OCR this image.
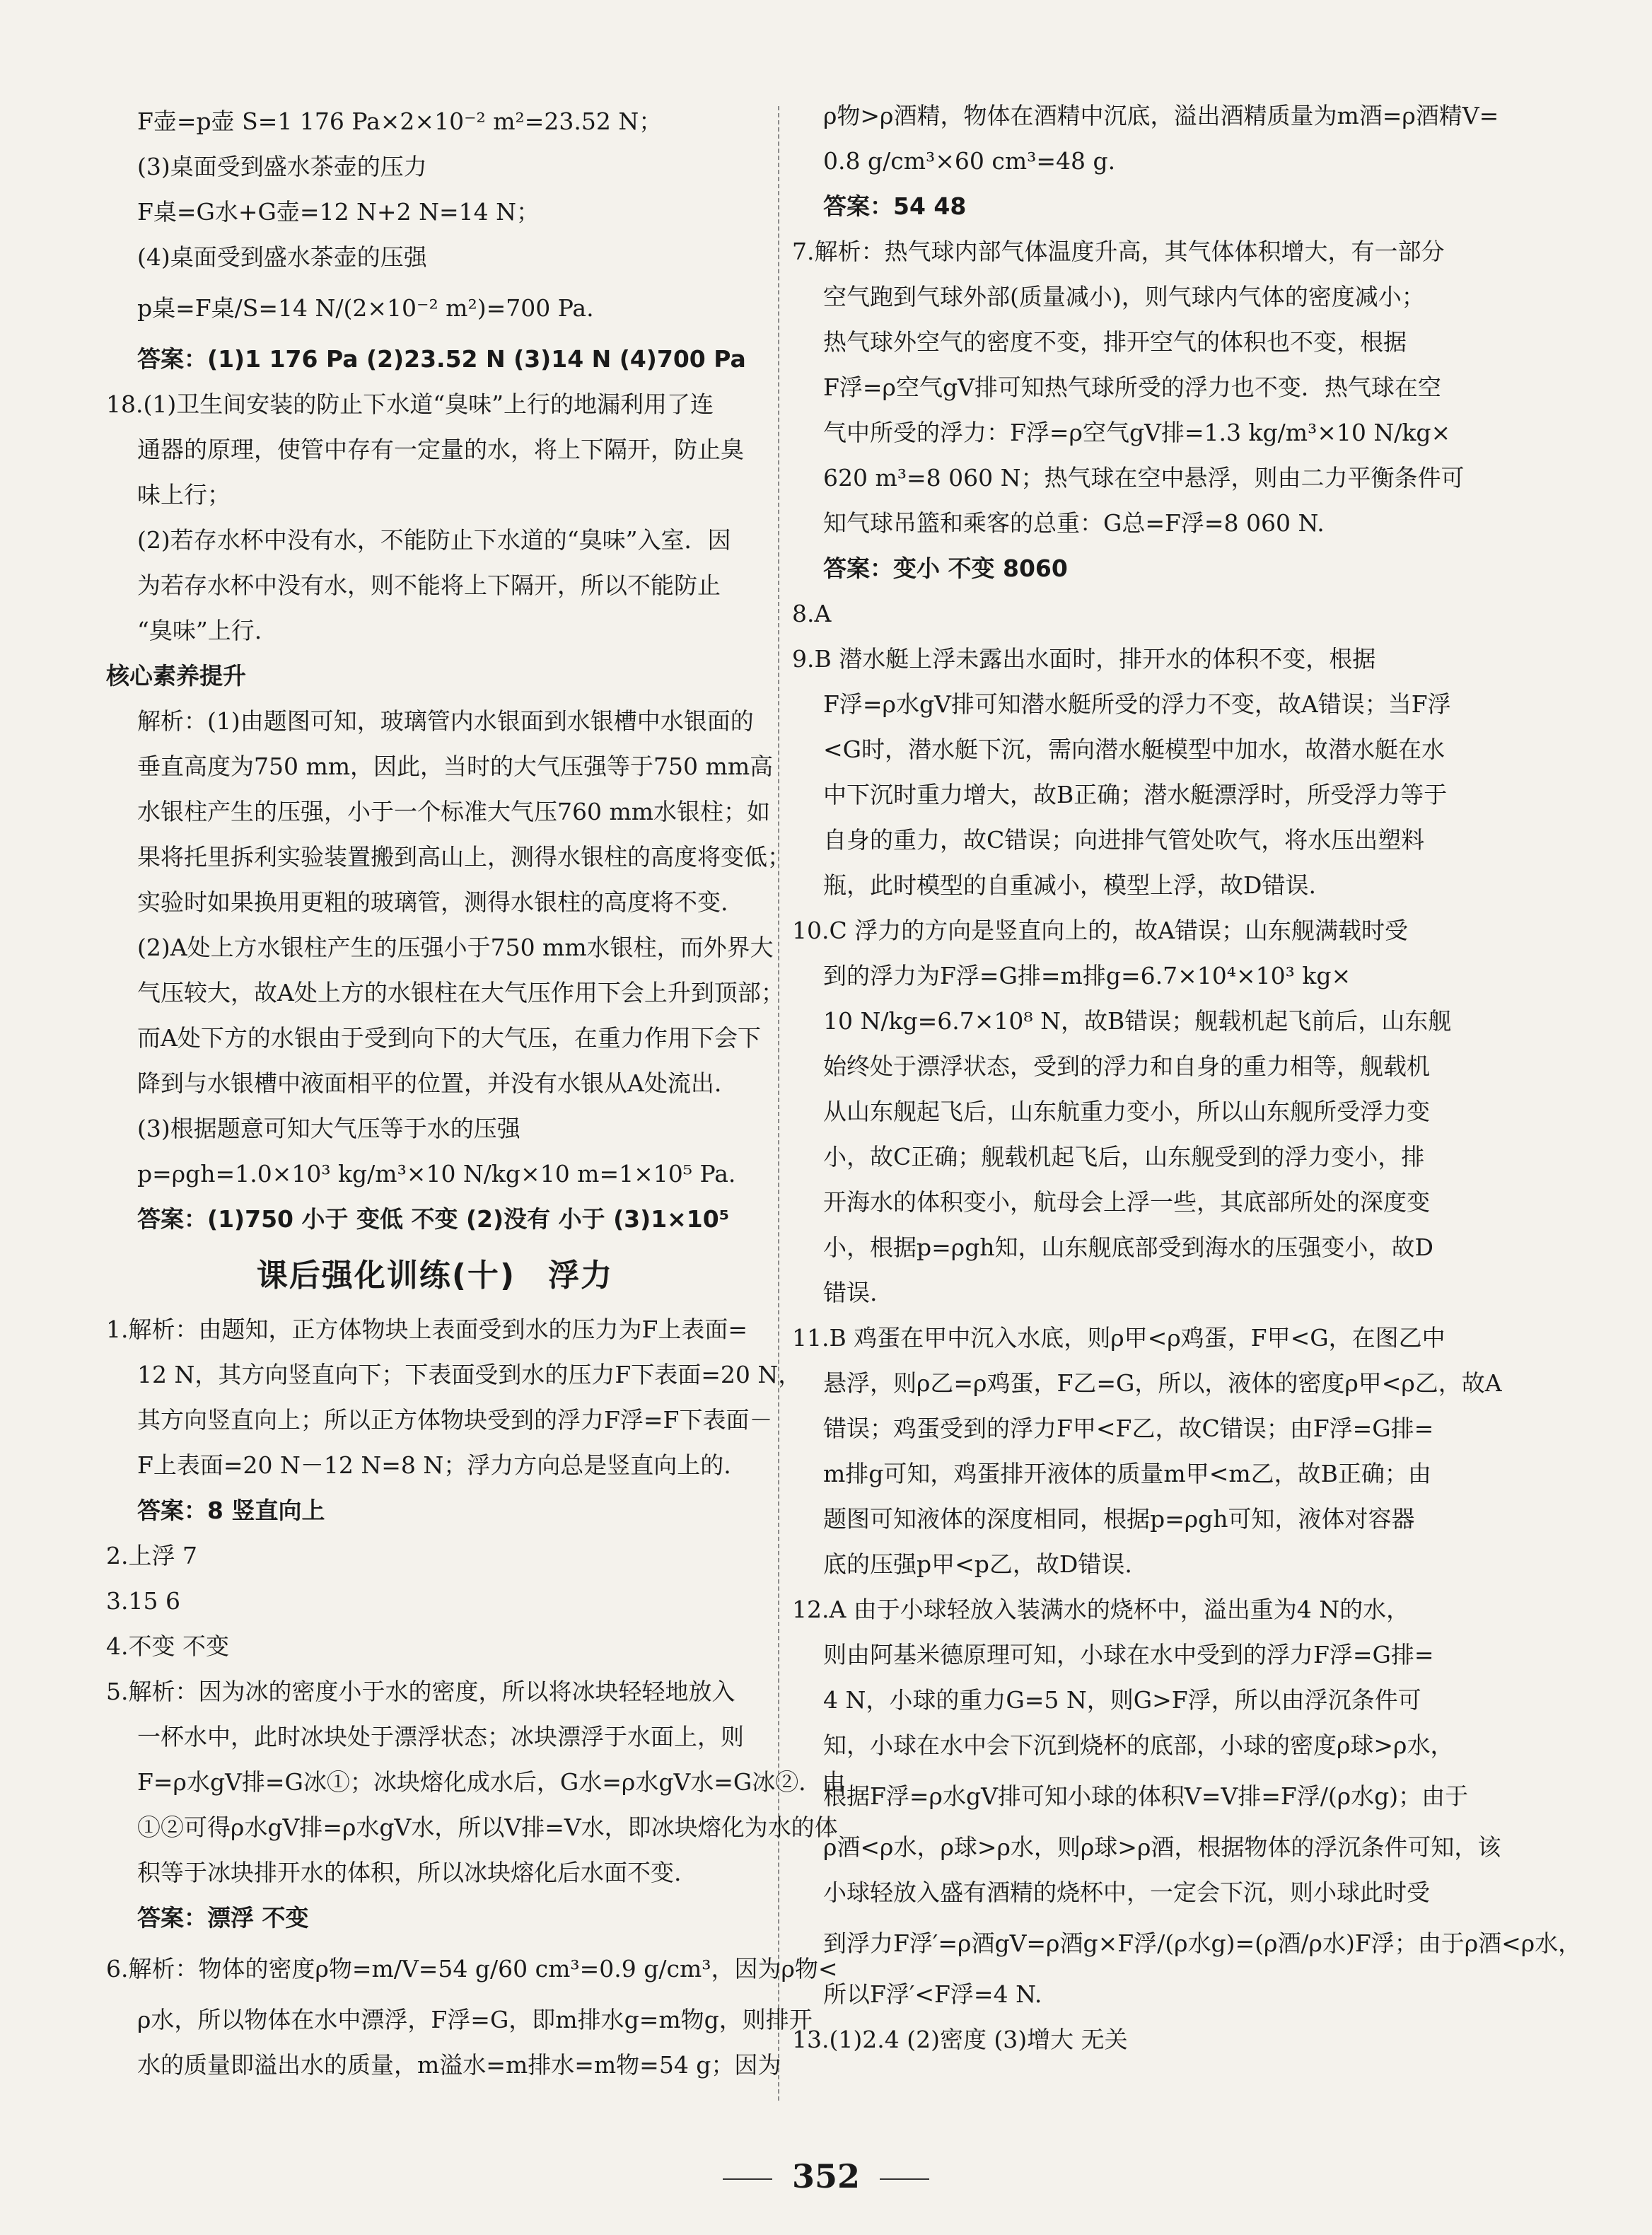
F壶=p壶 S=1 176 Pa×2×10⁻² m²=23.52 N；
(3)桌面受到盛水茶壶的压力
F桌=G水+G壶=12 N+2 N=14 N；
(4)桌面受到盛水茶壶的压强
p桌=F桌/S=14 N/(2×10⁻² m²)=700 Pa.
答案：(1)1 176 Pa (2)23.52 N (3)14 N (4)700 Pa
18.(1)卫生间安装的防止下水道“臭味”上行的地漏利用了连
通器的原理，使管中存有一定量的水，将上下隔开，防止臭
味上行；
(2)若存水杯中没有水，不能防止下水道的“臭味”入室．因
为若存水杯中没有水，则不能将上下隔开，所以不能防止
“臭味”上行.
核心素养提升
解析：(1)由题图可知，玻璃管内水银面到水银槽中水银面的
垂直高度为750 mm，因此，当时的大气压强等于750 mm高
水银柱产生的压强，小于一个标准大气压760 mm水银柱；如
果将托里拆利实验装置搬到高山上，测得水银柱的高度将变低；
实验时如果换用更粗的玻璃管，测得水银柱的高度将不变.
(2)A处上方水银柱产生的压强小于750 mm水银柱，而外界大
气压较大，故A处上方的水银柱在大气压作用下会上升到顶部；
而A处下方的水银由于受到向下的大气压，在重力作用下会下
降到与水银槽中液面相平的位置，并没有水银从A处流出.
(3)根据题意可知大气压等于水的压强
p=ρgh=1.0×10³ kg/m³×10 N/kg×10 m=1×10⁵ Pa.
答案：(1)750 小于 变低 不变 (2)没有 小于 (3)1×10⁵
课后强化训练(十)　浮力
1.解析：由题知，正方体物块上表面受到水的压力为F上表面=
12 N，其方向竖直向下；下表面受到水的压力F下表面=20 N，
其方向竖直向上；所以正方体物块受到的浮力F浮=F下表面－
F上表面=20 N－12 N=8 N；浮力方向总是竖直向上的.
答案：8 竖直向上
2.上浮 7
3.15 6
4.不变 不变
5.解析：因为冰的密度小于水的密度，所以将冰块轻轻地放入
一杯水中，此时冰块处于漂浮状态；冰块漂浮于水面上，则
F=ρ水gV排=G冰①；冰块熔化成水后，G水=ρ水gV水=G冰②．由
①②可得ρ水gV排=ρ水gV水，所以V排=V水，即冰块熔化为水的体
积等于冰块排开水的体积，所以冰块熔化后水面不变.
答案：漂浮 不变
6.解析：物体的密度ρ物=m/V=54 g/60 cm³=0.9 g/cm³，因为ρ物<
ρ水，所以物体在水中漂浮，F浮=G，即m排水g=m物g，则排开
水的质量即溢出水的质量，m溢水=m排水=m物=54 g；因为
ρ物>ρ酒精，物体在酒精中沉底，溢出酒精质量为m酒=ρ酒精V=
0.8 g/cm³×60 cm³=48 g.
答案：54 48
7.解析：热气球内部气体温度升高，其气体体积增大，有一部分
空气跑到气球外部(质量减小)，则气球内气体的密度减小；
热气球外空气的密度不变，排开空气的体积也不变，根据
F浮=ρ空气gV排可知热气球所受的浮力也不变．热气球在空
气中所受的浮力：F浮=ρ空气gV排=1.3 kg/m³×10 N/kg×
620 m³=8 060 N；热气球在空中悬浮，则由二力平衡条件可
知气球吊篮和乘客的总重：G总=F浮=8 060 N.
答案：变小 不变 8060
8.A
9.B 潜水艇上浮未露出水面时，排开水的体积不变，根据
F浮=ρ水gV排可知潜水艇所受的浮力不变，故A错误；当F浮
<G时，潜水艇下沉，需向潜水艇模型中加水，故潜水艇在水
中下沉时重力增大，故B正确；潜水艇漂浮时，所受浮力等于
自身的重力，故C错误；向进排气管处吹气，将水压出塑料
瓶，此时模型的自重减小，模型上浮，故D错误.
10.C 浮力的方向是竖直向上的，故A错误；山东舰满载时受
到的浮力为F浮=G排=m排g=6.7×10⁴×10³ kg×
10 N/kg=6.7×10⁸ N，故B错误；舰载机起飞前后，山东舰
始终处于漂浮状态，受到的浮力和自身的重力相等，舰载机
从山东舰起飞后，山东航重力变小，所以山东舰所受浮力变
小，故C正确；舰载机起飞后，山东舰受到的浮力变小，排
开海水的体积变小，航母会上浮一些，其底部所处的深度变
小，根据p=ρgh知，山东舰底部受到海水的压强变小，故D
错误.
11.B 鸡蛋在甲中沉入水底，则ρ甲<ρ鸡蛋，F甲<G，在图乙中
悬浮，则ρ乙=ρ鸡蛋，F乙=G，所以，液体的密度ρ甲<ρ乙，故A
错误；鸡蛋受到的浮力F甲<F乙，故C错误；由F浮=G排=
m排g可知，鸡蛋排开液体的质量m甲<m乙，故B正确；由
题图可知液体的深度相同，根据p=ρgh可知，液体对容器
底的压强p甲<p乙，故D错误.
12.A 由于小球轻放入装满水的烧杯中，溢出重为4 N的水，
则由阿基米德原理可知，小球在水中受到的浮力F浮=G排=
4 N，小球的重力G=5 N，则G>F浮，所以由浮沉条件可
知，小球在水中会下沉到烧杯的底部，小球的密度ρ球>ρ水，
根据F浮=ρ水gV排可知小球的体积V=V排=F浮/(ρ水g)；由于
ρ酒<ρ水，ρ球>ρ水，则ρ球>ρ酒，根据物体的浮沉条件可知，该
小球轻放入盛有酒精的烧杯中，一定会下沉，则小球此时受
到浮力F浮′=ρ酒gV=ρ酒g×F浮/(ρ水g)=(ρ酒/ρ水)F浮；由于ρ酒<ρ水，
所以F浮′<F浮=4 N.
13.(1)2.4 (2)密度 (3)增大 无关
352
